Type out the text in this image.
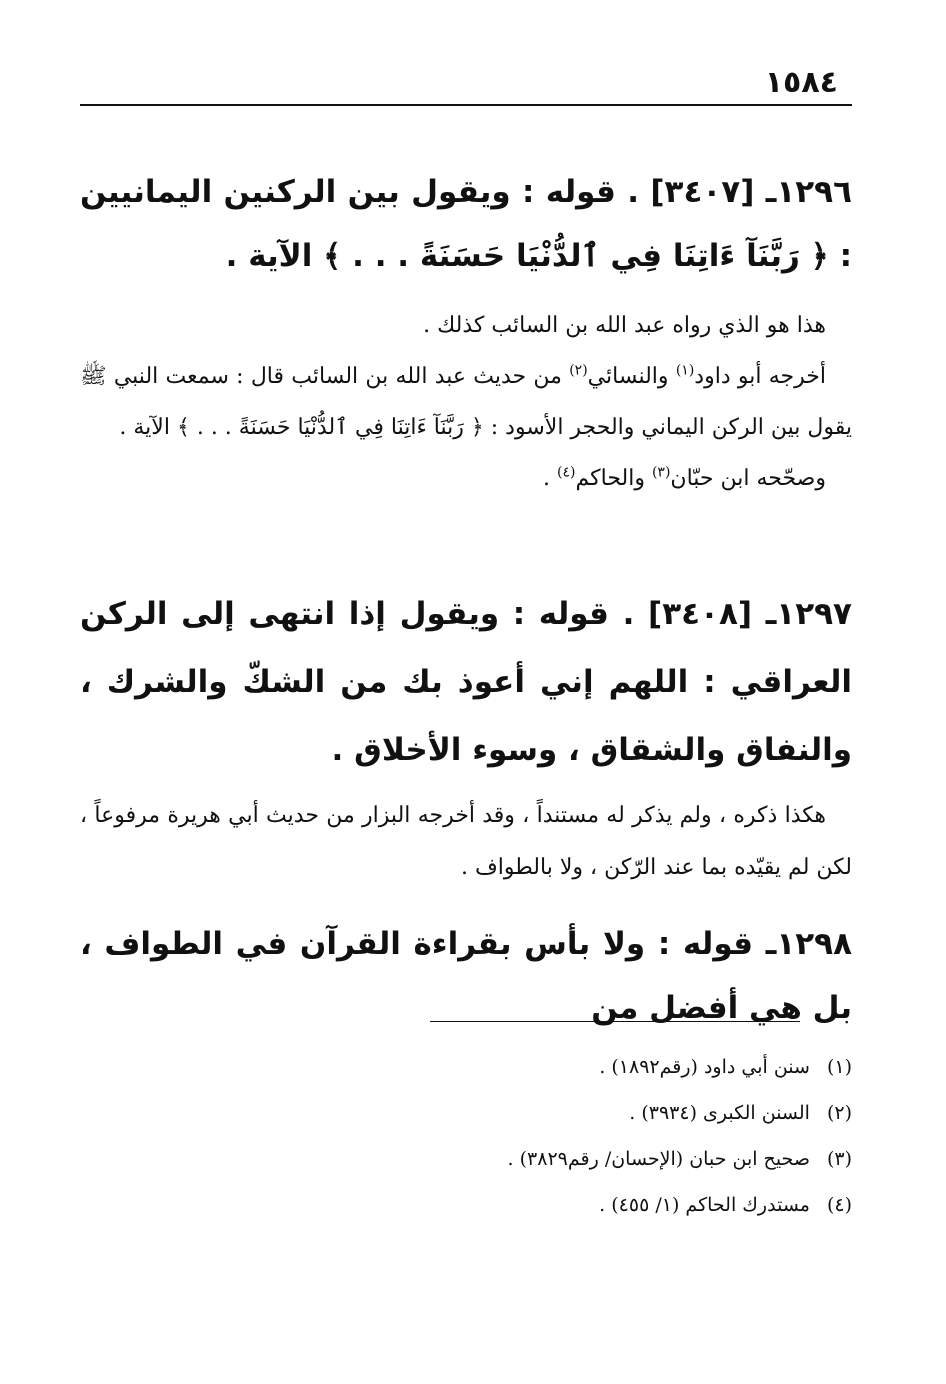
١٥٨٤
١٢٩٦ـ [٣٤٠٧] . قوله : ويقول بين الركنين اليمانيين : ﴿ رَبَّنَآ ءَاتِنَا فِي ٱلدُّنْيَا حَسَنَةً . . . ﴾ الآية .

هذا هو الذي رواه عبد الله بن السائب كذلك .

أخرجه أبو داود$^{(١)}$ والنسائي$^{(٢)}$ من حديث عبد الله بن السائب قال : سمعت النبي ﷺ يقول بين الركن اليماني والحجر الأسود : ﴿ رَبَّنَآ ءَاتِنَا فِي ٱلدُّنْيَا حَسَنَةً . . . ﴾ الآية .

وصحّحه ابن حبّان$^{(٣)}$ والحاكم$^{(٤)}$ .

١٢٩٧ـ [٣٤٠٨] . قوله : ويقول إذا انتهى إلى الركن العراقي : اللهم إني أعوذ بك من الشكّ والشرك ، والنفاق والشقاق ، وسوء الأخلاق .

هكذا ذكره ، ولم يذكر له مستنداً ، وقد أخرجه البزار من حديث أبي هريرة مرفوعاً ، لكن لم يقيّده بما عند الرّكن ، ولا بالطواف .

١٢٩٨ـ قوله : ولا بأس بقراءة القرآن في الطواف ، بل هي أفضل من

(١) سنن أبي داود (رقم١٨٩٢) .

(٢) السنن الكبرى (٣٩٣٤) .

(٣) صحيح ابن حبان (الإحسان/ رقم٣٨٢٩) .

(٤) مستدرك الحاكم (١/ ٤٥٥) .
